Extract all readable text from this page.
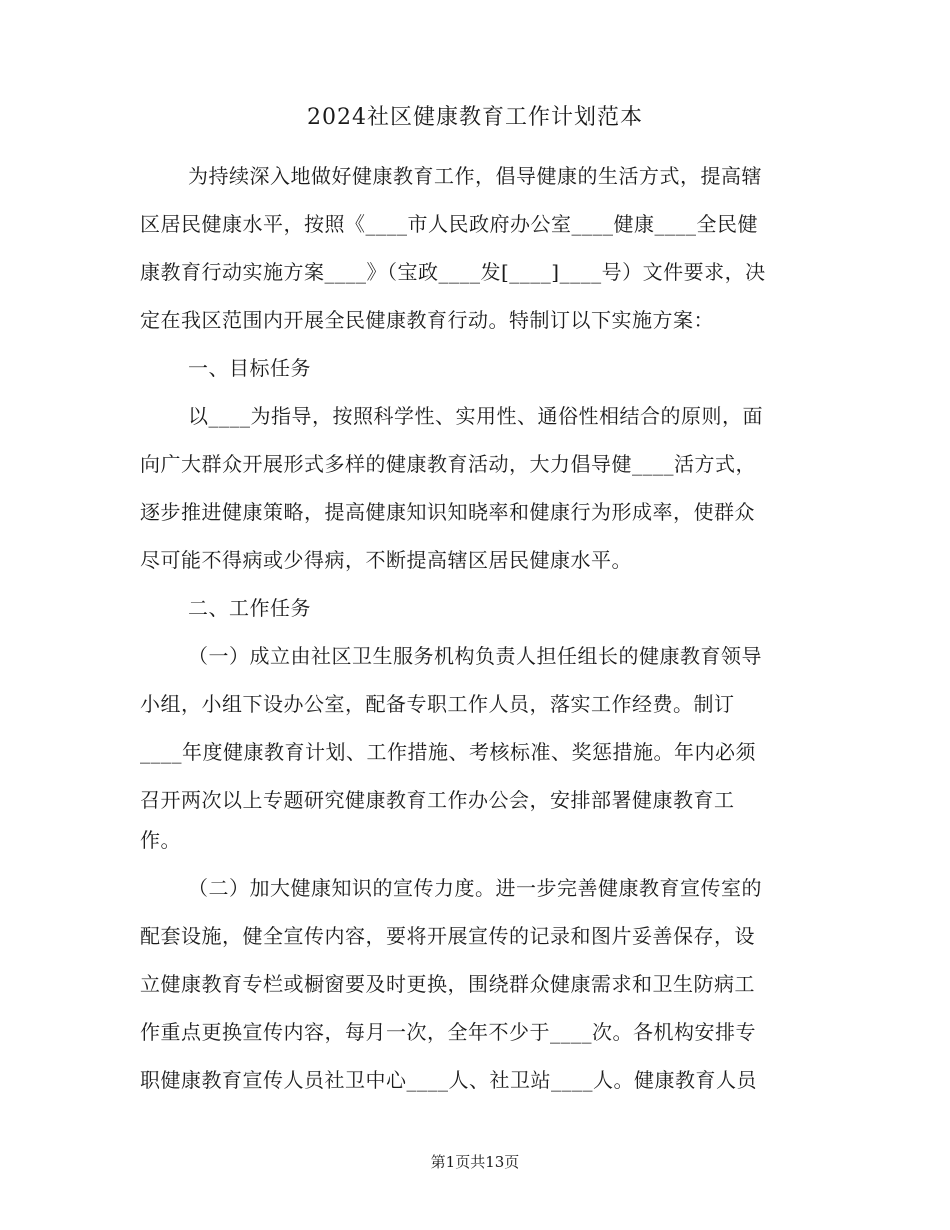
2024社区健康教育工作计划范本
为持续深入地做好健康教育工作，倡导健康的生活方式，提高辖
区居民健康水平，按照《____市人民政府办公室____健康____全民健
康教育行动实施方案____》（宝政____发[____]____号）文件要求，决
定在我区范围内开展全民健康教育行动。特制订以下实施方案：
一、目标任务
以____为指导，按照科学性、实用性、通俗性相结合的原则，面
向广大群众开展形式多样的健康教育活动，大力倡导健____活方式，
逐步推进健康策略，提高健康知识知晓率和健康行为形成率，使群众
尽可能不得病或少得病，不断提高辖区居民健康水平。
二、工作任务
（一）成立由社区卫生服务机构负责人担任组长的健康教育领导
小组，小组下设办公室，配备专职工作人员，落实工作经费。制订
____年度健康教育计划、工作措施、考核标准、奖惩措施。年内必须
召开两次以上专题研究健康教育工作办公会，安排部署健康教育工
作。
（二）加大健康知识的宣传力度。进一步完善健康教育宣传室的
配套设施，健全宣传内容，要将开展宣传的记录和图片妥善保存，设
立健康教育专栏或橱窗要及时更换，围绕群众健康需求和卫生防病工
作重点更换宣传内容，每月一次，全年不少于____次。各机构安排专
职健康教育宣传人员社卫中心____人、社卫站____人。健康教育人员
第1页共13页
